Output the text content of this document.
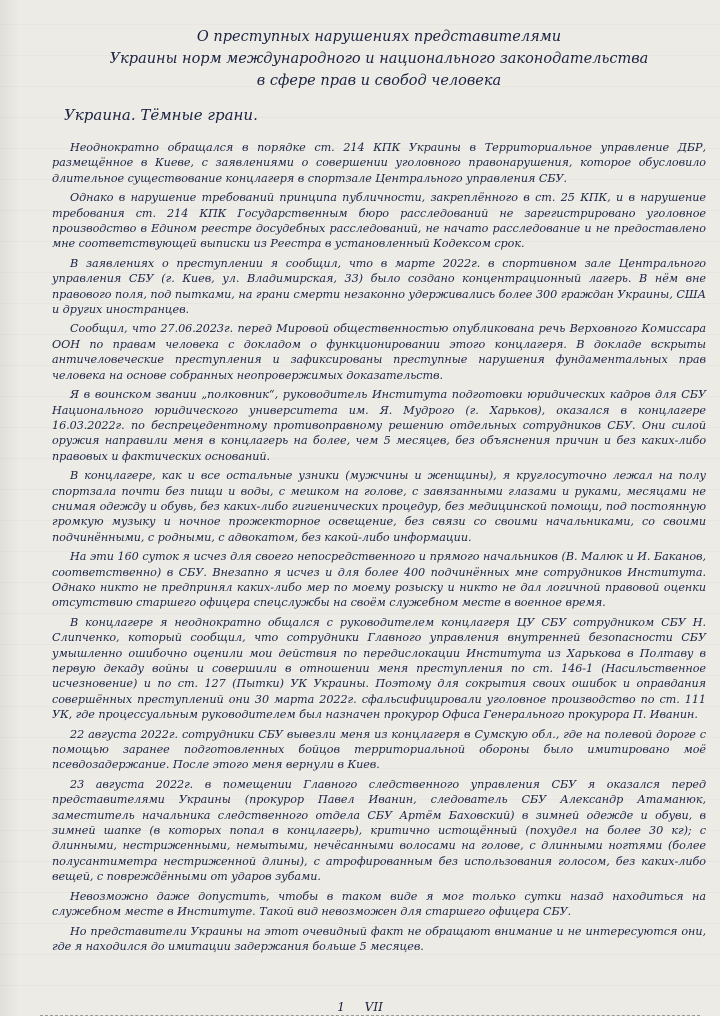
О преступных нарушениях представителями
Украины норм международного и национального законодательства
в сфере прав и свобод человека
Украина. Тёмные грани.

Неоднократно обращался в порядке ст. 214 КПК Украины в Территориальное управление ДБР, размещённое в Киеве, с заявлениями о совершении уголовного правонарушения, которое обусловило длительное существование концлагеря в спортзале Центрального управления СБУ.

Однако в нарушение требований принципа публичности, закреплённого в ст. 25 КПК, и в нарушение требования ст. 214 КПК Государственным бюро расследований не зарегистрировано уголовное производство в Едином реестре досудебных расследований, не начато расследование и не предоставлено мне соответствующей выписки из Реестра в установленный Кодексом срок.

В заявлениях о преступлении я сообщил, что в марте 2022г. в спортивном зале Центрального управления СБУ (г. Киев, ул. Владимирская, 33) было создано концентрационный лагерь. В нём вне правового поля, под пытками, на грани смерти незаконно удерживались более 300 граждан Украины, США и других иностранцев.

Сообщил, что 27.06.2023г. перед Мировой общественностью опубликована речь Верховного Комиссара ООН по правам человека с докладом о функционировании этого концлагеря. В докладе вскрыты античеловеческие преступления и зафиксированы преступные нарушения фундаментальных прав человека на основе собранных неопровержимых доказательств.

Я в воинском звании „полковник“, руководитель Института подготовки юридических кадров для СБУ Национального юридического университета им. Я. Мудрого (г. Харьков), оказался в концлагере 16.03.2022г. по беспрецедентному противоправному решению отдельных сотрудников СБУ. Они силой оружия направили меня в концлагерь на более, чем 5 месяцев, без объяснения причин и без каких-либо правовых и фактических оснований.

В концлагере, как и все остальные узники (мужчины и женщины), я круглосуточно лежал на полу спортзала почти без пищи и воды, с мешком на голове, с завязанными глазами и руками, месяцами не снимая одежду и обувь, без каких-либо гигиенических процедур, без медицинской помощи, под постоянную громкую музыку и ночное прожекторное освещение, без связи со своими начальниками, со своими подчинёнными, с родными, с адвокатом, без какой-либо информации.

На эти 160 суток я исчез для своего непосредственного и прямого начальников (В. Малюк и И. Баканов, соответственно) в СБУ. Внезапно я исчез и для более 400 подчинённых мне сотрудников Института. Однако никто не предпринял каких-либо мер по моему розыску и никто не дал логичной правовой оценки отсутствию старшего офицера спецслужбы на своём служебном месте в военное время.

В концлагере я неоднократно общался с руководителем концлагеря ЦУ СБУ сотрудником СБУ Н. Слипченко, который сообщил, что сотрудники Главного управления внутренней безопасности СБУ умышленно ошибочно оценили мои действия по передислокации Института из Харькова в Полтаву в первую декаду войны и совершили в отношении меня преступления по ст. 146-1 (Насильственное исчезновение) и по ст. 127 (Пытки) УК Украины. Поэтому для сокрытия своих ошибок и оправдания совершённых преступлений они 30 марта 2022г. сфальсифицировали уголовное производство по ст. 111 УК, где процессуальным руководителем был назначен прокурор Офиса Генерального прокурора П. Иванин.

22 августа 2022г. сотрудники СБУ вывезли меня из концлагеря в Сумскую обл., где на полевой дороге с помощью заранее подготовленных бойцов территориальной обороны было имитировано моё псевдозадержание. После этого меня вернули в Киев.

23 августа 2022г. в помещении Главного следственного управления СБУ я оказался перед представителями Украины (прокурор Павел Иванин, следователь СБУ Александр Атаманюк, заместитель начальника следственного отдела СБУ Артём Баховский) в зимней одежде и обуви, в зимней шапке (в которых попал в концлагерь), критично истощённый (похудел на более 30 кг); с длинными, нестриженными, немытыми, нечёсанными волосами на голове, с длинными ногтями (более полусантиметра нестриженной длины), с атрофированным без использования голосом, без каких-либо вещей, с повреждёнными от ударов зубами.

Невозможно даже допустить, чтобы в таком виде я мог только сутки назад находиться на служебном месте в Институте. Такой вид невозможен для старшего офицера СБУ.

Но представители Украины на этот очевидный факт не обращают внимание и не интересуются они, где я находился до имитации задержания больше 5 месяцев.

1 VII
